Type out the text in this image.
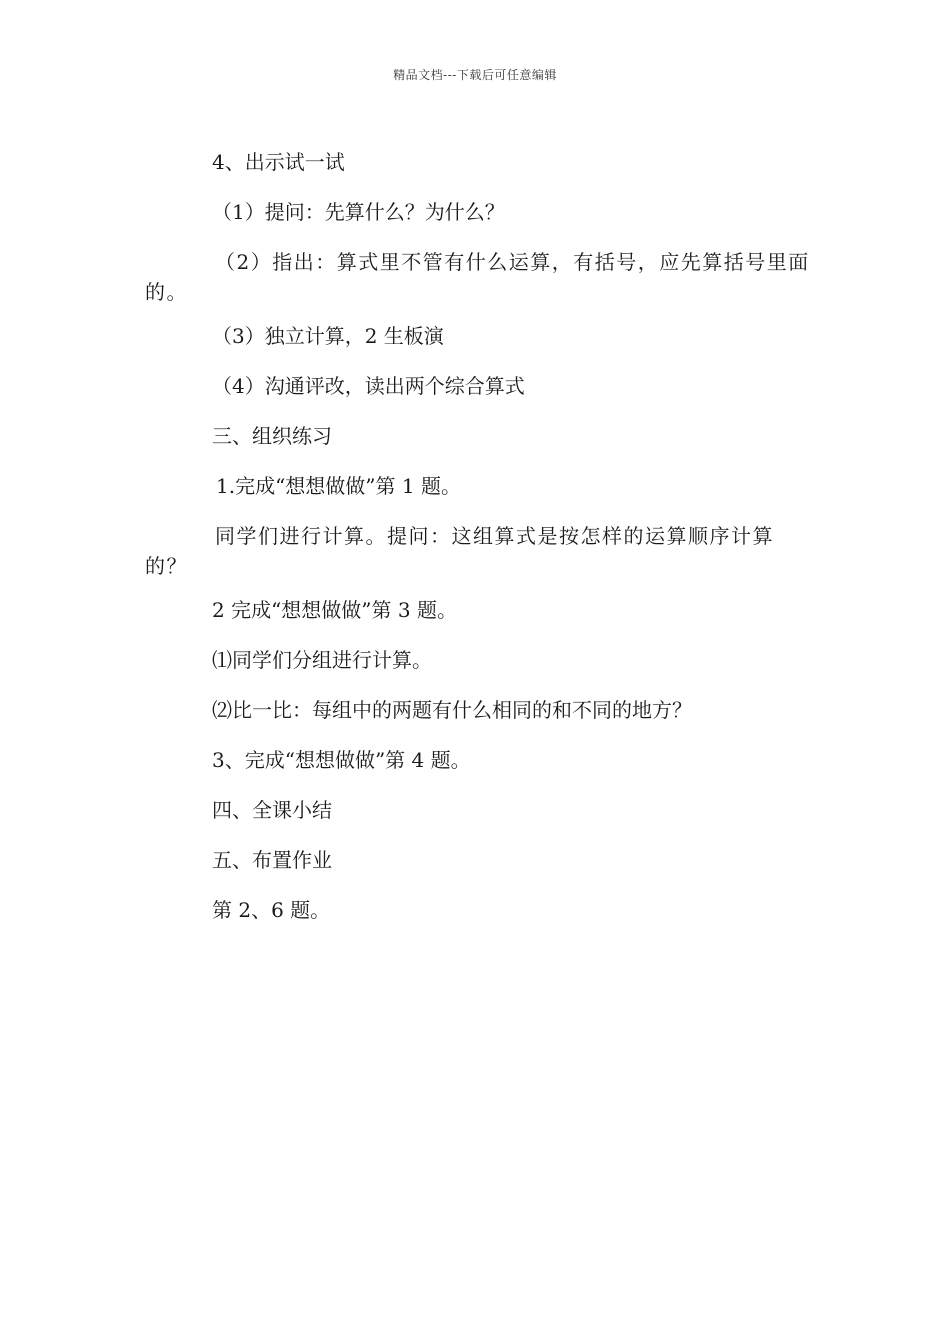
精品文档---下载后可任意编辑
4、出示试一试
（1）提问：先算什么？为什么？
（2）指出：算式里不管有什么运算，有括号，应先算括号里面的。
（3）独立计算，2 生板演
（4）沟通评改，读出两个综合算式
三、组织练习
1.完成“想想做做”第 1 题。
同学们进行计算。提问：这组算式是按怎样的运算顺序计算的？
2 完成“想想做做”第 3 题。
⑴同学们分组进行计算。
⑵比一比：每组中的两题有什么相同的和不同的地方？
3、完成“想想做做”第 4 题。
四、全课小结
五、布置作业
第 2、6 题。
